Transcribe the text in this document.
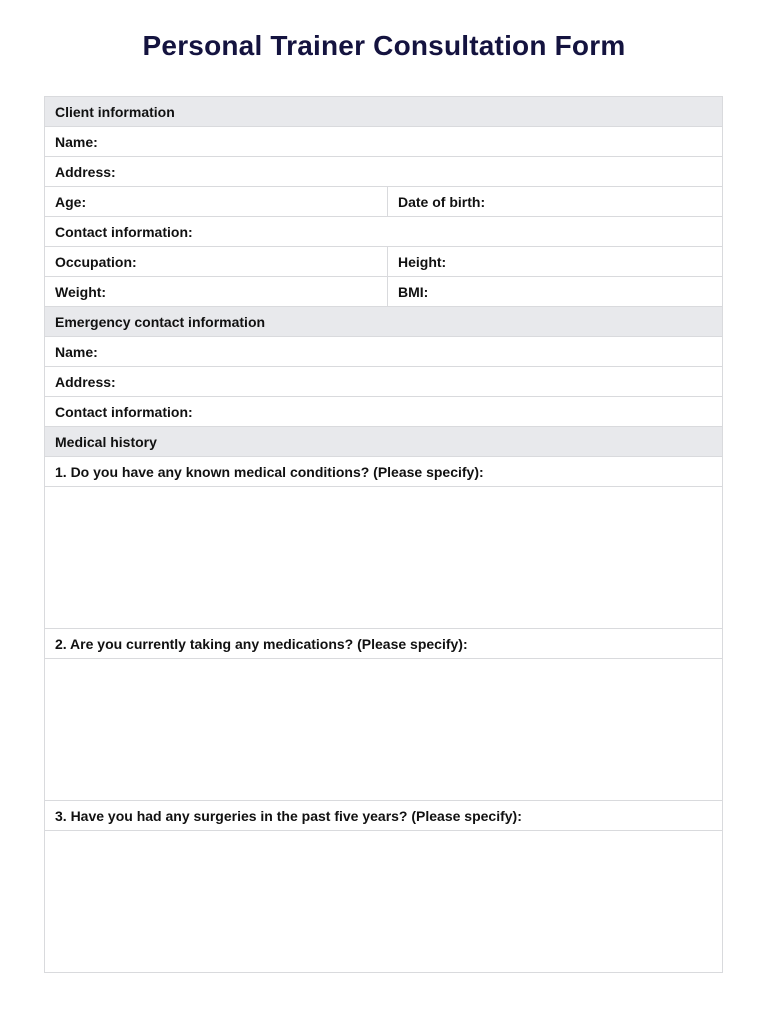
Personal Trainer Consultation Form
Client information	
Name:	
Address:	
Age:	Date of birth:
Contact information:	
Occupation:	Height:
Weight:	BMI:
Emergency contact information	
Name:	
Address:	
Contact information:	
Medical history	
1. Do you have any known medical conditions? (Please specify):	

2. Are you currently taking any medications? (Please specify):	

3. Have you had any surgeries in the past five years? (Please specify):	
